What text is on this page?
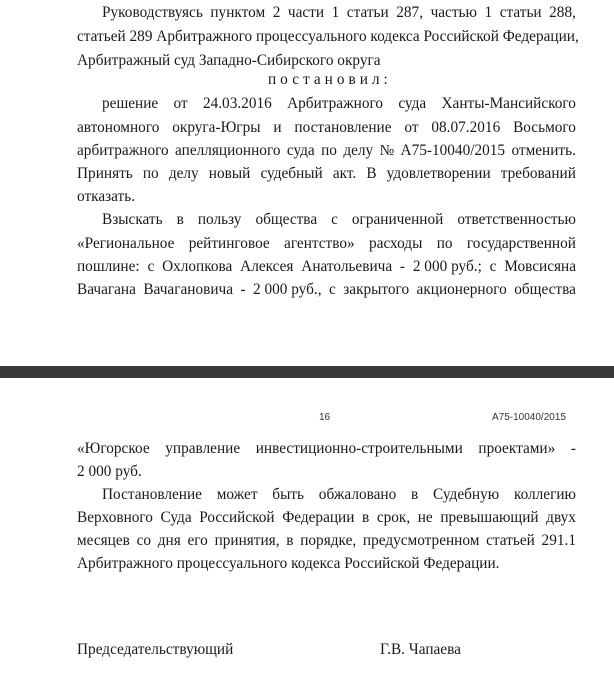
Руководствуясь пунктом 2 части 1 статьи 287, частью 1 статьи 288,
статьей 289 Арбитражного процессуального кодекса Российской Федерации,
Арбитражный суд Западно-Сибирского округа
постановил:
решение от 24.03.2016 Арбитражного суда Ханты-Мансийского
автономного округа-Югры и постановление от 08.07.2016 Восьмого
арбитражного апелляционного суда по делу № А75-10040/2015 отменить.
Принять по делу новый судебный акт. В удовлетворении требований
отказать.
Взыскать в пользу общества с ограниченной ответственностью
«Региональное рейтинговое агентство» расходы по государственной
пошлине: с Охлопкова Алексея Анатольевича - 2 000 руб.; с Мовсисяна
Вачагана Вачагановича - 2 000 руб., с закрытого акционерного общества
16	А75-10040/2015
«Югорское управление инвестиционно-строительными проектами» -
2 000 руб.
Постановление может быть обжаловано в Судебную коллегию
Верховного Суда Российской Федерации в срок, не превышающий двух
месяцев со дня его принятия, в порядке, предусмотренном статьей 291.1
Арбитражного процессуального кодекса Российской Федерации.
Председательствующий	Г.В. Чапаева
